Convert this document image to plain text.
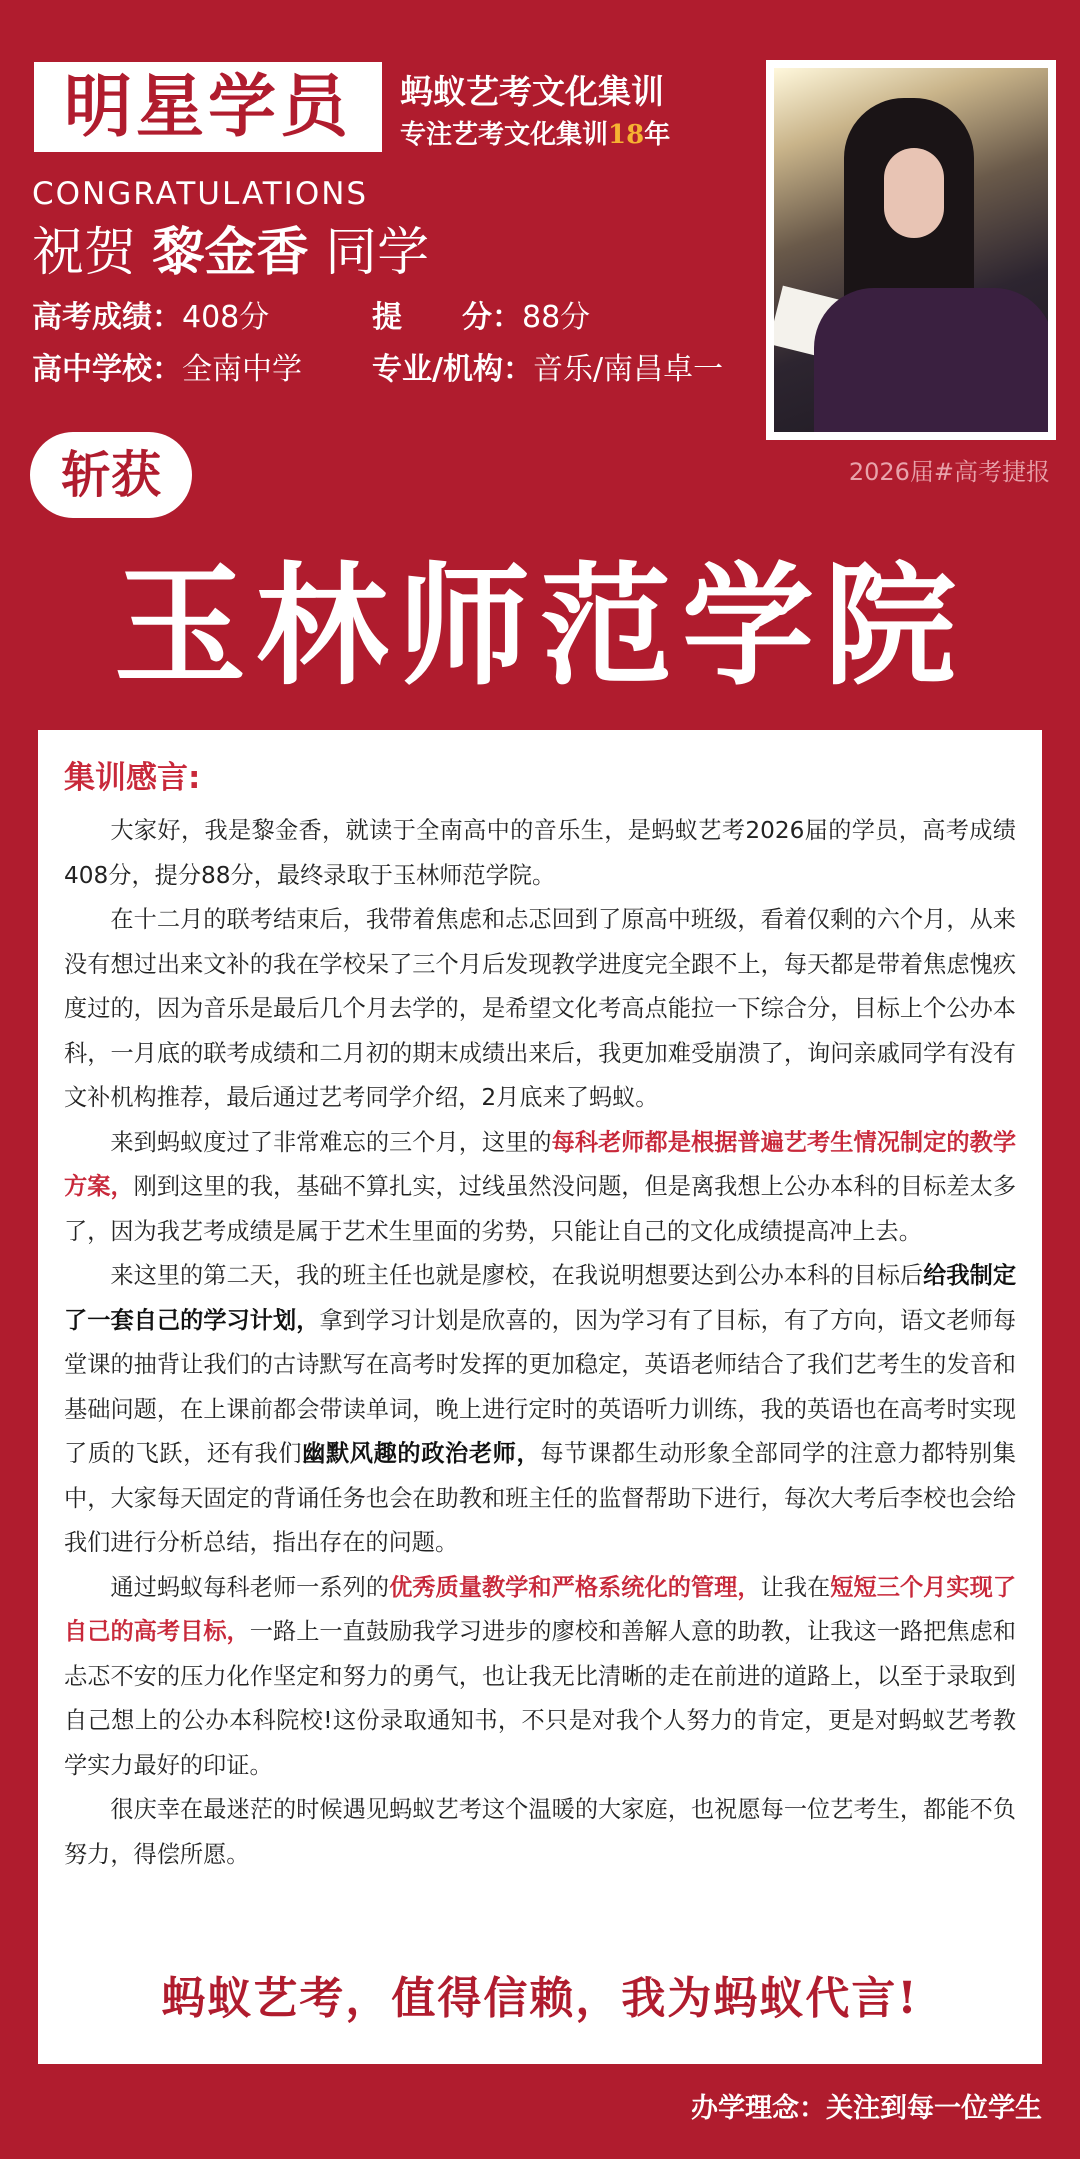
明星学员	蚂蚁艺考文化集训
专注艺考文化集训18年
CONGRATULATIONS
祝贺 黎金香 同学
高考成绩：408分	提　　分：88分
高中学校：全南中学 专业/机构：音乐/南昌卓一
2026届#高考捷报
斩获
玉林师范学院
集训感言:

大家好，我是黎金香，就读于全南高中的音乐生，是蚂蚁艺考2026届的学员，高考成绩408分，提分88分，最终录取于玉林师范学院。

在十二月的联考结束后，我带着焦虑和忐忑回到了原高中班级，看着仅剩的六个月，从来没有想过出来文补的我在学校呆了三个月后发现教学进度完全跟不上，每天都是带着焦虑愧疚度过的，因为音乐是最后几个月去学的，是希望文化考高点能拉一下综合分，目标上个公办本科，一月底的联考成绩和二月初的期末成绩出来后，我更加难受崩溃了，询问亲戚同学有没有文补机构推荐，最后通过艺考同学介绍，2月底来了蚂蚁。

来到蚂蚁度过了非常难忘的三个月，这里的每科老师都是根据普遍艺考生情况制定的教学方案，刚到这里的我，基础不算扎实，过线虽然没问题，但是离我想上公办本科的目标差太多了，因为我艺考成绩是属于艺术生里面的劣势，只能让自己的文化成绩提高冲上去。

来这里的第二天，我的班主任也就是廖校，在我说明想要达到公办本科的目标后给我制定了一套自己的学习计划，拿到学习计划是欣喜的，因为学习有了目标，有了方向，语文老师每堂课的抽背让我们的古诗默写在高考时发挥的更加稳定，英语老师结合了我们艺考生的发音和基础问题，在上课前都会带读单词，晚上进行定时的英语听力训练，我的英语也在高考时实现了质的飞跃，还有我们幽默风趣的政治老师，每节课都生动形象全部同学的注意力都特别集中，大家每天固定的背诵任务也会在助教和班主任的监督帮助下进行，每次大考后李校也会给我们进行分析总结，指出存在的问题。

通过蚂蚁每科老师一系列的优秀质量教学和严格系统化的管理，让我在短短三个月实现了自己的高考目标，一路上一直鼓励我学习进步的廖校和善解人意的助教，让我这一路把焦虑和忐忑不安的压力化作坚定和努力的勇气，也让我无比清晰的走在前进的道路上，以至于录取到自己想上的公办本科院校!这份录取通知书，不只是对我个人努力的肯定，更是对蚂蚁艺考教学实力最好的印证。

很庆幸在最迷茫的时候遇见蚂蚁艺考这个温暖的大家庭，也祝愿每一位艺考生，都能不负努力，得偿所愿。

蚂蚁艺考，值得信赖，我为蚂蚁代言!
办学理念：关注到每一位学生
